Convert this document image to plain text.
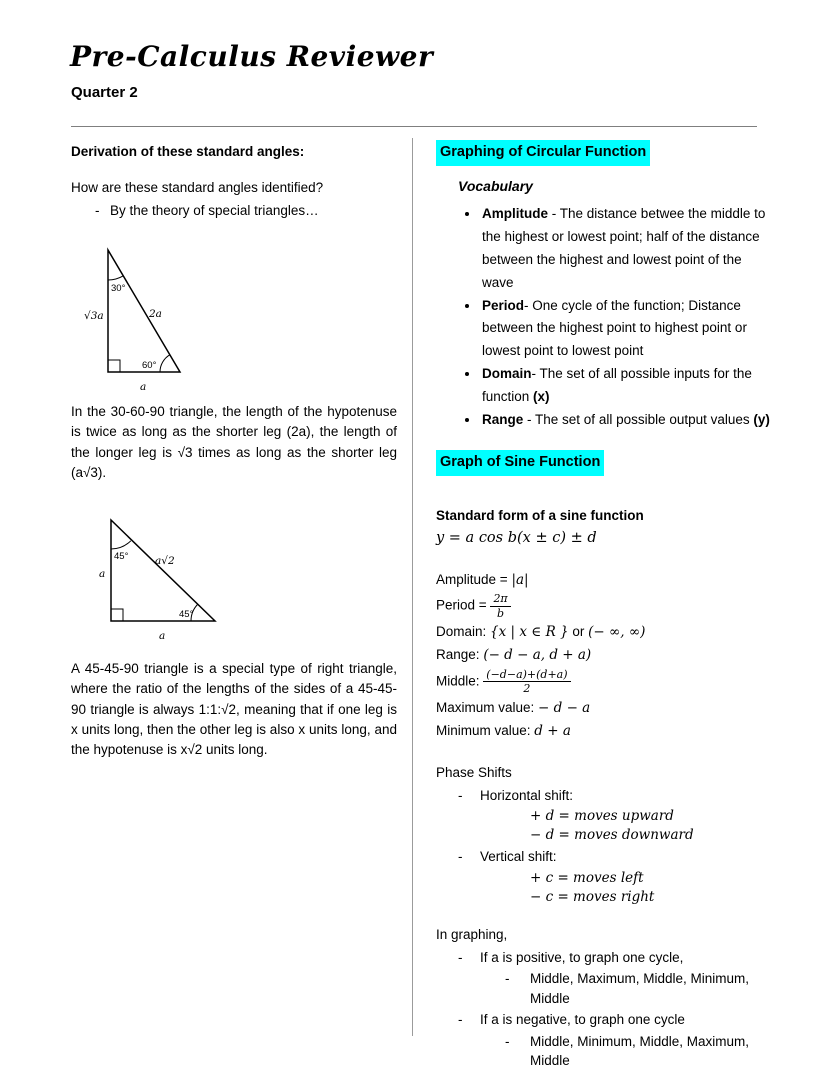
Pre-Calculus Reviewer
Quarter 2
Derivation of these standard angles:
How are these standard angles identified?
- By the theory of special triangles…
30°
√3a	2a
60°
a

In the 30-60-90 triangle, the length of the hypotenuse is twice as long as the shorter leg (2a), the length of the longer leg is √3 times as long as the shorter leg (a√3).

45°
a
a√2
45°
a

A 45-45-90 triangle is a special type of right triangle, where the ratio of the lengths of the sides of a 45-45-90 triangle is always 1:1:√2, meaning that if one leg is x units long, then the other leg is also x units long, and the hypotenuse is x√2 units long.

Graphing of Circular Function
Vocabulary
• Amplitude - The distance betwee the middle to the highest or lowest point; half of the distance between the highest and lowest point of the wave
• Period- One cycle of the function; Distance between the highest point to highest point or lowest point to lowest point
• Domain- The set of all possible inputs for the function (x)
• Range - The set of all possible output values (y)
Graph of Sine Function
Standard form of a sine function
y = a cos b(x ± c) ± d
Amplitude = |a|
Period = $\frac{2\pi}{b}$
Domain: {x | x ∈ R } or (− ∞, ∞)
Range: (− d − a, d + a)
Middle: $\frac{(-d-a)+(d+a)}{2}$
Maximum value: − d − a
Minimum value: d + a
Phase Shifts
-	Horizontal shift:
+ d = moves upward
− d = moves downward
-	Vertical shift:
+ c = moves left
− c = moves right
In graphing,
-	If a is positive, to graph one cycle,
-	Middle, Maximum, Middle, Minimum, Middle
-	If a is negative, to graph one cycle
-	Middle, Minimum, Middle, Maximum, Middle
